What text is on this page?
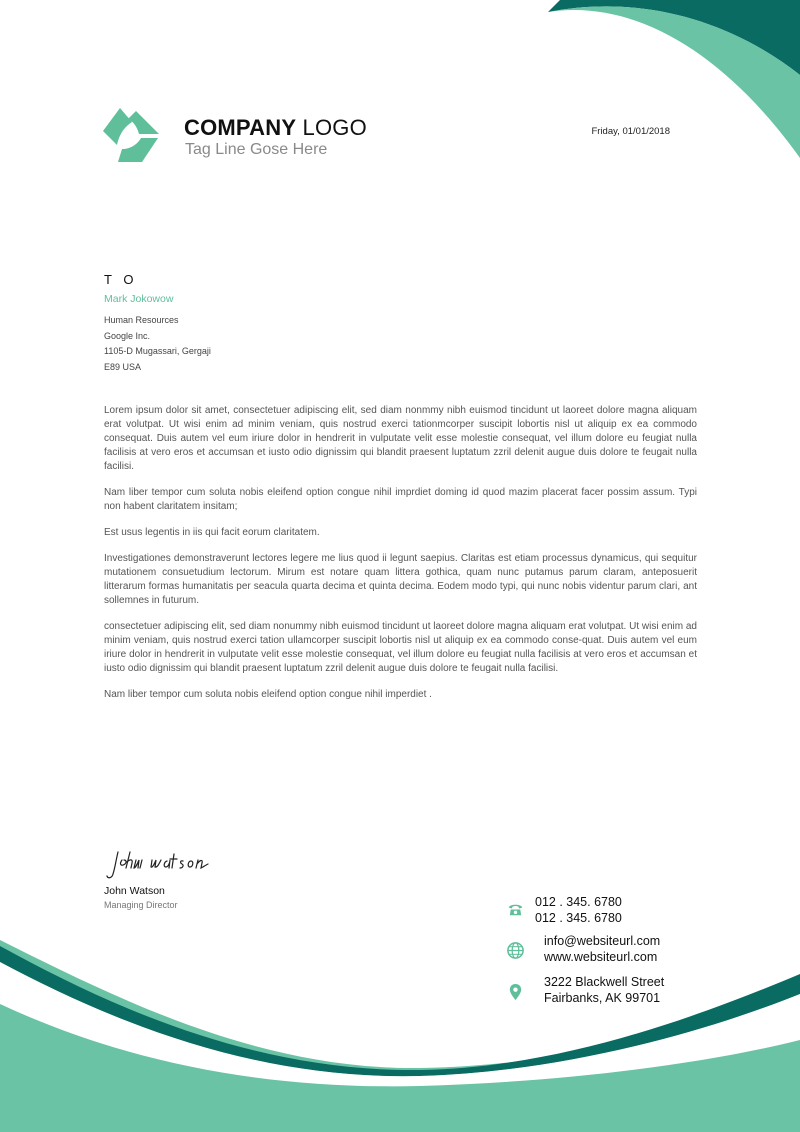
COMPANY LOGO
Tag Line Gose Here
Friday, 01/01/2018
T O
Mark Jokowow
Human Resources
Google Inc.
1105-D Mugassari, Gergaji
E89 USA

Lorem ipsum dolor sit amet, consectetuer adipiscing elit, sed diam nonmmy nibh euismod tincidunt ut laoreet dolore magna aliquam erat volutpat. Ut wisi enim ad minim veniam, quis nostrud exerci tationmcorper suscipit lobortis nisl ut aliquip ex ea commodo consequat. Duis autem vel eum iriure dolor in hendrerit in vulputate velit esse molestie consequat, vel illum dolore eu feugiat nulla facilisis at vero eros et accumsan et iusto odio dignissim qui blandit praesent luptatum zzril delenit augue duis dolore te feugait nulla facilisi.

Nam liber tempor cum soluta nobis eleifend option congue nihil imprdiet doming id quod mazim placerat facer possim assum. Typi non habent claritatem insitam;

Est usus legentis in iis qui facit eorum claritatem.

Investigationes demonstraverunt lectores legere me lius quod ii legunt saepius. Claritas est etiam processus dynamicus, qui sequitur mutationem consuetudium lectorum. Mirum est notare quam littera gothica, quam nunc putamus parum claram, anteposuerit litterarum formas humanitatis per seacula quarta decima et quinta decima. Eodem modo typi, qui nunc nobis videntur parum clari, ant sollemnes in futurum.

consectetuer adipiscing elit, sed diam nonummy nibh euismod tincidunt ut laoreet dolore magna aliquam erat volutpat. Ut wisi enim ad minim veniam, quis nostrud exerci tation ullamcorper suscipit lobortis nisl ut aliquip ex ea commodo conse-quat. Duis autem vel eum iriure dolor in hendrerit in vulputate velit esse molestie consequat, vel illum dolore eu feugiat nulla facilisis at vero eros et accumsan et iusto odio dignissim qui blandit praesent luptatum zzril delenit augue duis dolore te feugait nulla facilisi.

Nam liber tempor cum soluta nobis eleifend option congue nihil imperdiet .

John Watson
Managing Director	012 . 345. 6780
012 . 345. 6780
info@websiteurl.com
www.websiteurl.com
3222 Blackwell Street
Fairbanks, AK 99701
